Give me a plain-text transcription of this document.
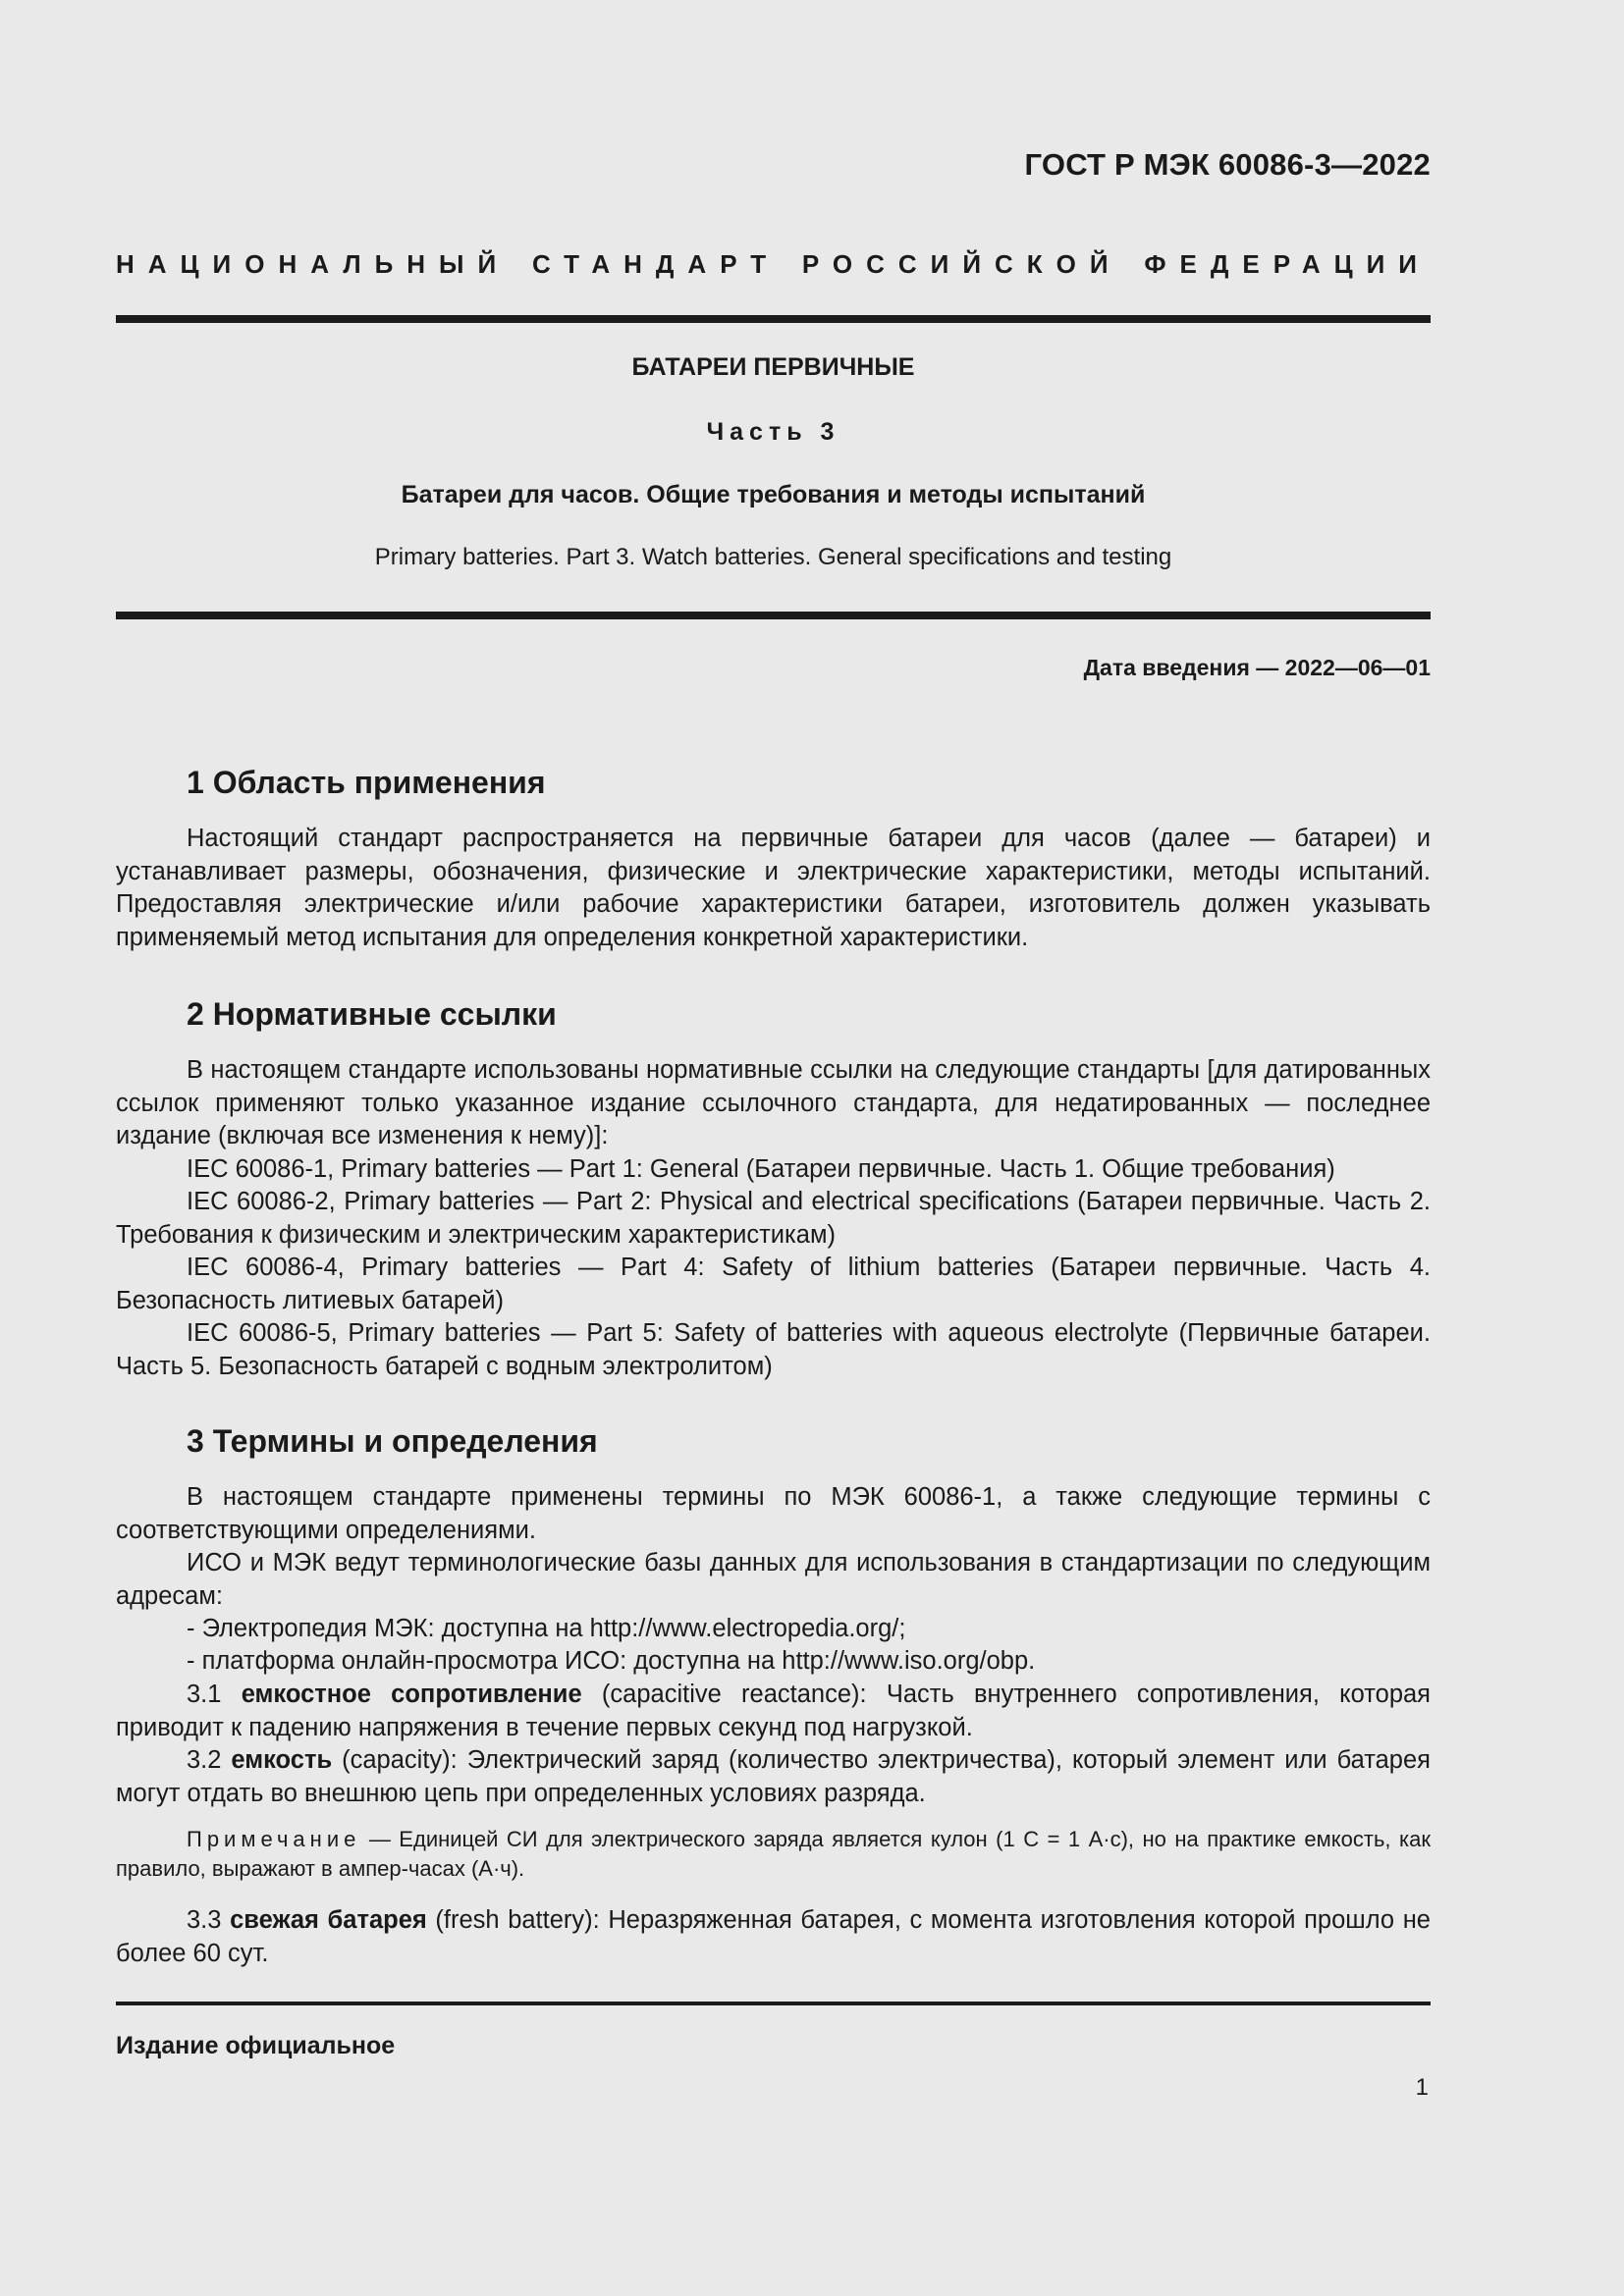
ГОСТ Р МЭК 60086-3—2022
НАЦИОНАЛЬНЫЙ СТАНДАРТ РОССИЙСКОЙ ФЕДЕРАЦИИ
БАТАРЕИ ПЕРВИЧНЫЕ
Часть 3
Батареи для часов. Общие требования и методы испытаний
Primary batteries. Part 3. Watch batteries. General specifications and testing
Дата введения — 2022—06—01
1 Область применения

Настоящий стандарт распространяется на первичные батареи для часов (далее — батареи) и устанавливает размеры, обозначения, физические и электрические характеристики, методы испытаний. Предоставляя электрические и/или рабочие характеристики батареи, изготовитель должен указывать применяемый метод испытания для определения конкретной характеристики.

2 Нормативные ссылки

В настоящем стандарте использованы нормативные ссылки на следующие стандарты [для датированных ссылок применяют только указанное издание ссылочного стандарта, для недатированных — последнее издание (включая все изменения к нему)]:

IEC 60086-1, Primary batteries — Part 1: General (Батареи первичные. Часть 1. Общие требования)

IEC 60086-2, Primary batteries — Part 2: Physical and electrical specifications (Батареи первичные. Часть 2. Требования к физическим и электрическим характеристикам)

IEC 60086-4, Primary batteries — Part 4: Safety of lithium batteries (Батареи первичные. Часть 4. Безопасность литиевых батарей)

IEC 60086-5, Primary batteries — Part 5: Safety of batteries with aqueous electrolyte (Первичные батареи. Часть 5. Безопасность батарей с водным электролитом)

3 Термины и определения

В настоящем стандарте применены термины по МЭК 60086-1, а также следующие термины с соответствующими определениями.

ИСО и МЭК ведут терминологические базы данных для использования в стандартизации по следующим адресам:

- Электропедия МЭК: доступна на http://www.electropedia.org/;

- платформа онлайн-просмотра ИСО: доступна на http://www.iso.org/obp.

3.1 емкостное сопротивление (capacitive reactance): Часть внутреннего сопротивления, которая приводит к падению напряжения в течение первых секунд под нагрузкой.

3.2 емкость (capacity): Электрический заряд (количество электричества), который элемент или батарея могут отдать во внешнюю цепь при определенных условиях разряда.

Примечание — Единицей СИ для электрического заряда является кулон (1 С = 1 А·с), но на практике емкость, как правило, выражают в ампер-часах (А·ч).

3.3 свежая батарея (fresh battery): Неразряженная батарея, с момента изготовления которой прошло не более 60 сут.

Издание официальное
1
